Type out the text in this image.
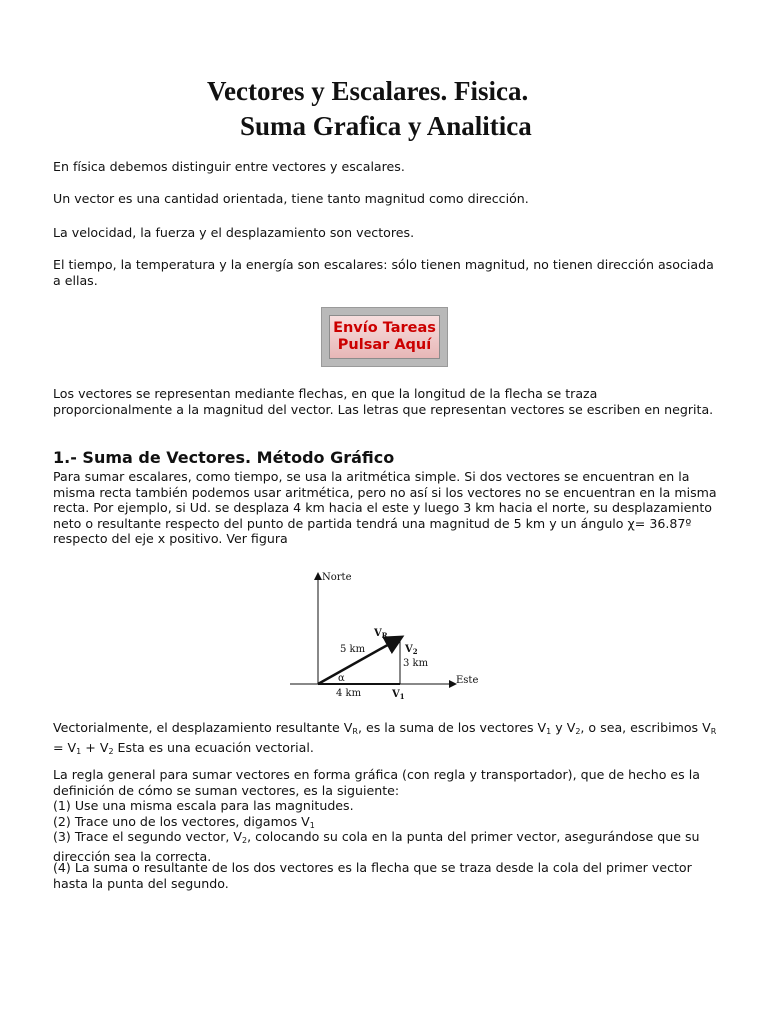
Vectores y Escalares. Fisica.
Suma Grafica y Analitica

En física debemos distinguir entre vectores y escalares.

Un vector es una cantidad orientada, tiene tanto magnitud como dirección.

La velocidad, la fuerza y el desplazamiento son vectores.

El tiempo, la temperatura y la energía son escalares: sólo tienen magnitud, no tienen dirección asociada a ellas.

Envío Tareas
Pulsar Aquí

Los vectores se representan mediante flechas, en que la longitud de la flecha se traza proporcionalmente a la magnitud del vector. Las letras que representan vectores se escriben en negrita.

1.- Suma de Vectores. Método Gráfico

Para sumar escalares, como tiempo, se usa la aritmética simple. Si dos vectores se encuentran en la misma recta también podemos usar aritmética, pero no así si los vectores no se encuentran en la misma recta. Por ejemplo, si Ud. se desplaza 4 km hacia el este y luego 3 km hacia el norte, su desplazamiento neto o resultante respecto del punto de partida tendrá una magnitud de 5 km y un ángulo χ= 36.87º respecto del eje x positivo. Ver figura

Norte
Este
$V_R$
$V_2$
$V_1$
5 km
3 km
4 km
α

Vectorialmente, el desplazamiento resultante $V_R$, es la suma de los vectores $V_1$ y $V_2$, o sea, escribimos $V_R = V_1 + V_2$ Esta es una ecuación vectorial.

La regla general para sumar vectores en forma gráfica (con regla y transportador), que de hecho es la definición de cómo se suman vectores, es la siguiente:

(1) Use una misma escala para las magnitudes.

(2) Trace uno de los vectores, digamos $V_1$

(3) Trace el segundo vector, $V_2$, colocando su cola en la punta del primer vector, asegurándose que su dirección sea la correcta.

(4) La suma o resultante de los dos vectores es la flecha que se traza desde la cola del primer vector hasta la punta del segundo.
